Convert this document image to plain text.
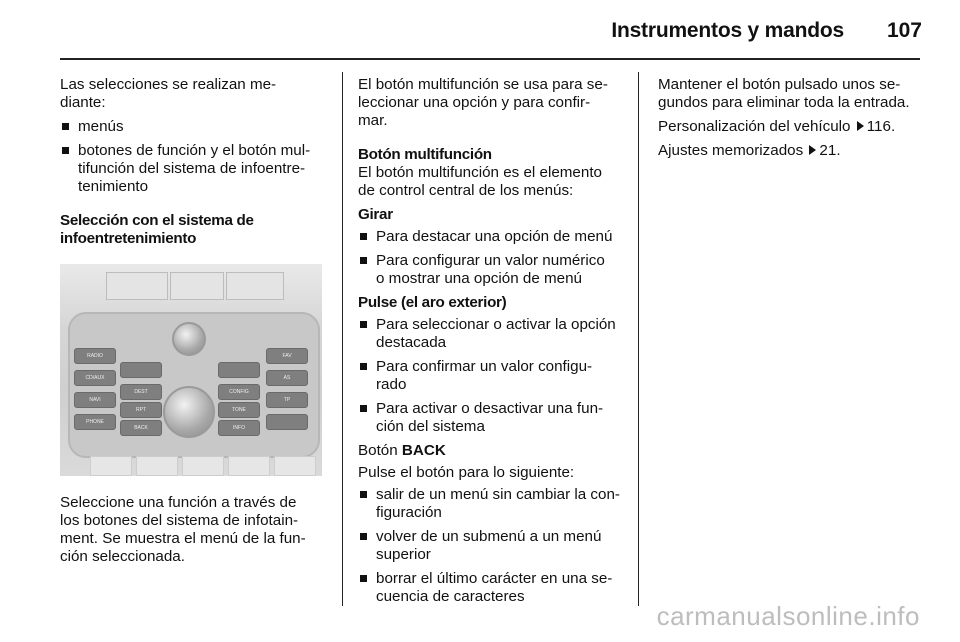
Instrumentos y mandos 107

Las selecciones se realizan me-
diante:

menús
botones de función y el botón mul-
tifunción del sistema de infoentre-
tenimiento

Selección con el sistema de
infoentretenimiento

RADIO
CD/AUX
NAVI
PHONE
DEST
RPT
BACK
CONFIG
TONE
INFO
FAV
AS
TP

Seleccione una función a través de
los botones del sistema de infotain-
ment. Se muestra el menú de la fun-
ción seleccionada.

El botón multifunción se usa para se-
leccionar una opción y para confir-
mar.

Botón multifunción

El botón multifunción es el elemento
de control central de los menús:

Girar

Para destacar una opción de menú
Para configurar un valor numérico
o mostrar una opción de menú

Pulse (el aro exterior)

Para seleccionar o activar la opción
destacada
Para confirmar un valor configu-
rado
Para activar o desactivar una fun-
ción del sistema

Botón BACK

Pulse el botón para lo siguiente:

salir de un menú sin cambiar la con-
figuración
volver de un submenú a un menú
superior
borrar el último carácter en una se-
cuencia de caracteres

Mantener el botón pulsado unos se-
gundos para eliminar toda la entrada.

Personalización del vehículo 116.

Ajustes memorizados 21.

carmanualsonline.info
